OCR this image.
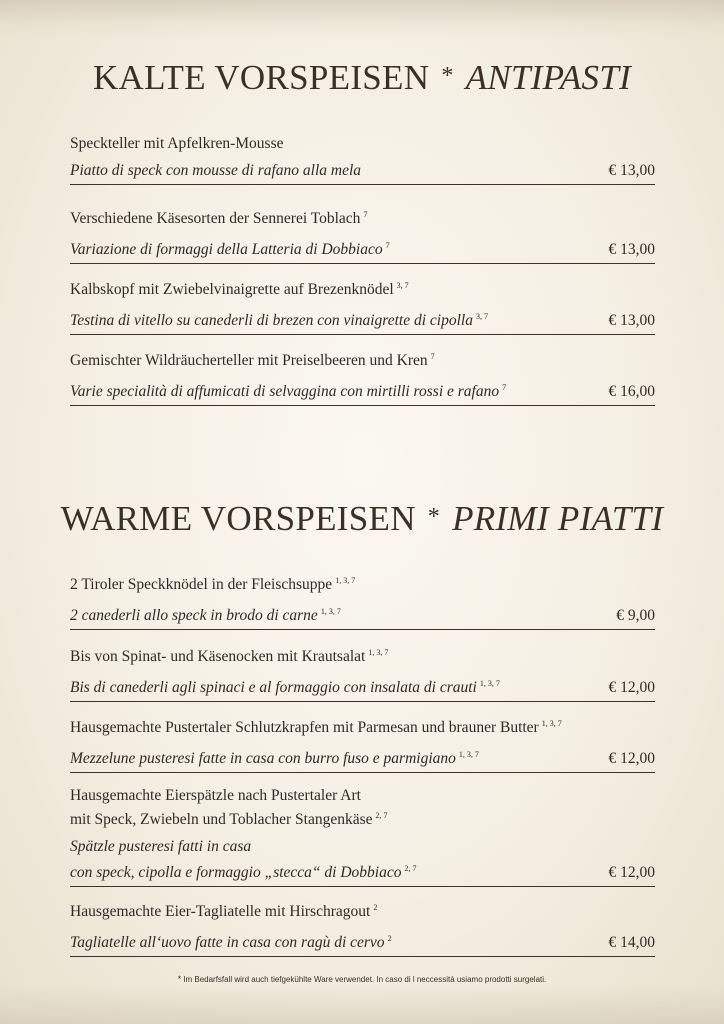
KALTE VORSPEISEN * ANTIPASTI
Speckteller mit Apfelkren-Mousse
Piatto di speck con mousse di rafano alla mela	€ 13,00
Verschiedene Käsesorten der Sennerei Toblach $^7$
Variazione di formaggi della Latteria di Dobbiaco $^7$	€ 13,00
Kalbskopf mit Zwiebelvinaigrette auf Brezenknödel $^{3, 7}$
Testina di vitello su canederli di brezen con vinaigrette di cipolla $^{3, 7}$	€ 13,00
Gemischter Wildräucherteller mit Preiselbeeren und Kren $^7$
Varie specialità di affumicati di selvaggina con mirtilli rossi e rafano $^7$	€ 16,00
WARME VORSPEISEN * PRIMI PIATTI
2 Tiroler Speckknödel in der Fleischsuppe $^{1, 3, 7}$
2 canederli allo speck in brodo di carne $^{1, 3, 7}$	€ 9,00
Bis von Spinat- und Käsenocken mit Krautsalat $^{1, 3, 7}$
Bis di canederli agli spinaci e al formaggio con insalata di crauti $^{1, 3, 7}$	€ 12,00
Hausgemachte Pustertaler Schlutzkrapfen mit Parmesan und brauner Butter $^{1, 3, 7}$
Mezzelune pusteresi fatte in casa con burro fuso e parmigiano $^{1, 3, 7}$	€ 12,00
Hausgemachte Eierspätzle nach Pustertaler Art
mit Speck, Zwiebeln und Toblacher Stangenkäse $^{2, 7}$
Spätzle pusteresi fatti in casa
con speck, cipolla e formaggio „stecca“ di Dobbiaco $^{2, 7}$	€ 12,00
Hausgemachte Eier-Tagliatelle mit Hirschragout $^2$
Tagliatelle all‘uovo fatte in casa con ragù di cervo $^2$	€ 14,00
* Im Bedarfsfall wird auch tiefgekühlte Ware verwendet. In caso di l neccessità usiamo prodotti surgelati.
